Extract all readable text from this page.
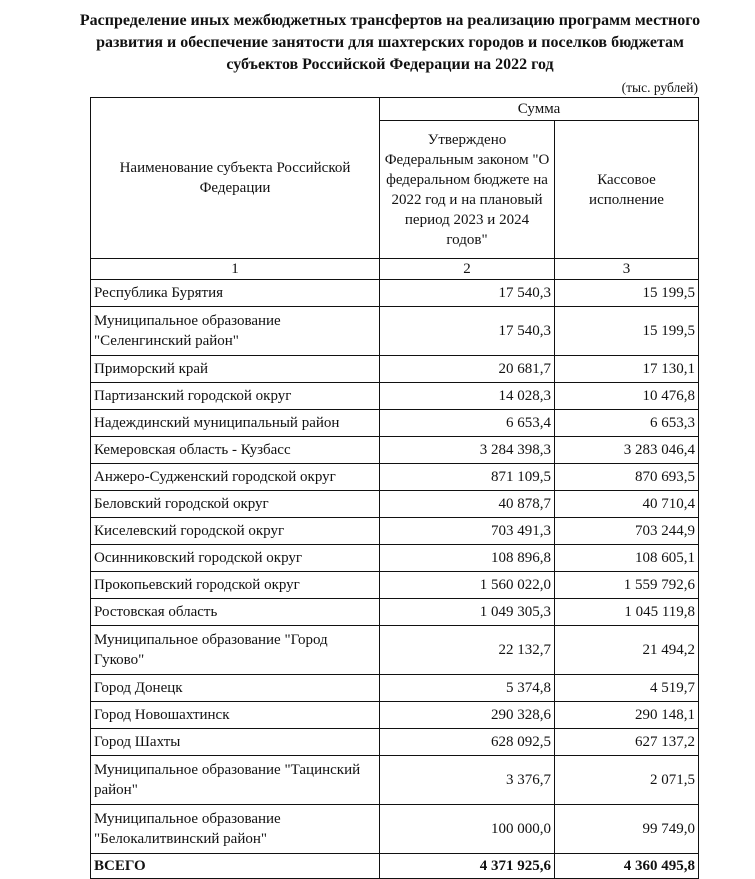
Распределение иных межбюджетных трансфертов на реализацию программ местного развития и обеспечение занятости для шахтерских городов и поселков бюджетам субъектов Российской Федерации на 2022 год
(тыс. рублей)
Наименование субъекта Российской Федерации	Сумма	
	Утверждено Федеральным законом "О федеральном бюджете на 2022 год и на плановый период 2023 и 2024 годов"	Кассовое исполнение
1	2	3
Республика Бурятия	17 540,3	15 199,5
Муниципальное образование "Селенгинский район"	17 540,3	15 199,5
Приморский край	20 681,7	17 130,1
Партизанский городской округ	14 028,3	10 476,8
Надеждинский муниципальный район	6 653,4	6 653,3
Кемеровская область - Кузбасс	3 284 398,3	3 283 046,4
Анжеро-Судженский городской округ	871 109,5	870 693,5
Беловский городской округ	40 878,7	40 710,4
Киселевский городской округ	703 491,3	703 244,9
Осинниковский городской округ	108 896,8	108 605,1
Прокопьевский городской округ	1 560 022,0	1 559 792,6
Ростовская область	1 049 305,3	1 045 119,8
Муниципальное образование "Город Гуково"	22 132,7	21 494,2
Город Донецк	5 374,8	4 519,7
Город Новошахтинск	290 328,6	290 148,1
Город Шахты	628 092,5	627 137,2
Муниципальное образование "Тацинский район"	3 376,7	2 071,5
Муниципальное образование "Белокалитвинский район"	100 000,0	99 749,0
ВСЕГО	4 371 925,6	4 360 495,8
